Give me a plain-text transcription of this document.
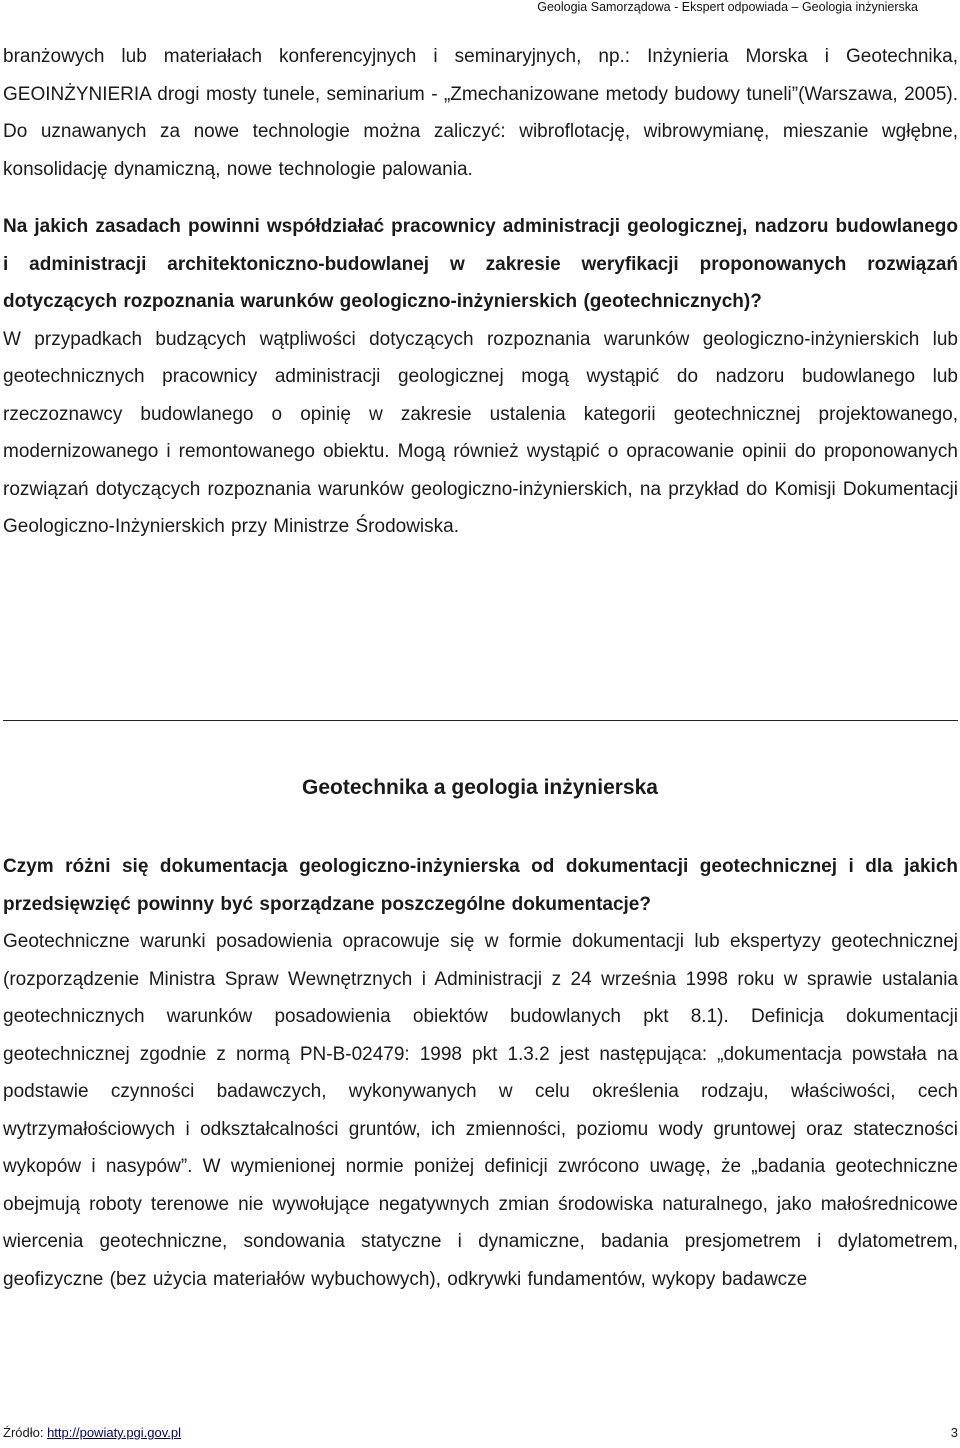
Geologia Samorządowa - Ekspert odpowiada – Geologia inżynierska

branżowych lub materiałach konferencyjnych i seminaryjnych, np.: Inżynieria Morska i Geotechnika, GEOINŻYNIERIA drogi mosty tunele, seminarium - „Zmechanizowane metody budowy tuneli”(Warszawa, 2005). Do uznawanych za nowe technologie można zaliczyć: wibroflotację, wibrowymianę, mieszanie wgłębne, konsolidację dynamiczną, nowe technologie palowania.

Na jakich zasadach powinni współdziałać pracownicy administracji geologicznej, nadzoru budowlanego i administracji architektoniczno-budowlanej w zakresie weryfikacji proponowanych rozwiązań dotyczących rozpoznania warunków geologiczno-inżynierskich (geotechnicznych)?

W przypadkach budzących wątpliwości dotyczących rozpoznania warunków geologiczno-inżynierskich lub geotechnicznych pracownicy administracji geologicznej mogą wystąpić do nadzoru budowlanego lub rzeczoznawcy budowlanego o opinię w zakresie ustalenia kategorii geotechnicznej projektowanego, modernizowanego i remontowanego obiektu. Mogą również wystąpić o opracowanie opinii do proponowanych rozwiązań dotyczących rozpoznania warunków geologiczno-inżynierskich, na przykład do Komisji Dokumentacji Geologiczno-Inżynierskich przy Ministrze Środowiska.

Geotechnika a geologia inżynierska

Czym różni się dokumentacja geologiczno-inżynierska od dokumentacji geotechnicznej i dla jakich przedsięwzięć powinny być sporządzane poszczególne dokumentacje?

Geotechniczne warunki posadowienia opracowuje się w formie dokumentacji lub ekspertyzy geotechnicznej (rozporządzenie Ministra Spraw Wewnętrznych i Administracji z 24 września 1998 roku w sprawie ustalania geotechnicznych warunków posadowienia obiektów budowlanych pkt 8.1). Definicja dokumentacji geotechnicznej zgodnie z normą PN-B-02479: 1998 pkt 1.3.2 jest następująca: „dokumentacja powstała na podstawie czynności badawczych, wykonywanych w celu określenia rodzaju, właściwości, cech wytrzymałościowych i odkształcalności gruntów, ich zmienności, poziomu wody gruntowej oraz stateczności wykopów i nasypów”. W wymienionej normie poniżej definicji zwrócono uwagę, że „badania geotechniczne obejmują roboty terenowe nie wywołujące negatywnych zmian środowiska naturalnego, jako małośrednicowe wiercenia geotechniczne, sondowania statyczne i dynamiczne, badania presjometrem i dylatometrem, geofizyczne (bez użycia materiałów wybuchowych), odkrywki fundamentów, wykopy badawcze

Źródło: http://powiaty.pgi.gov.pl	3
